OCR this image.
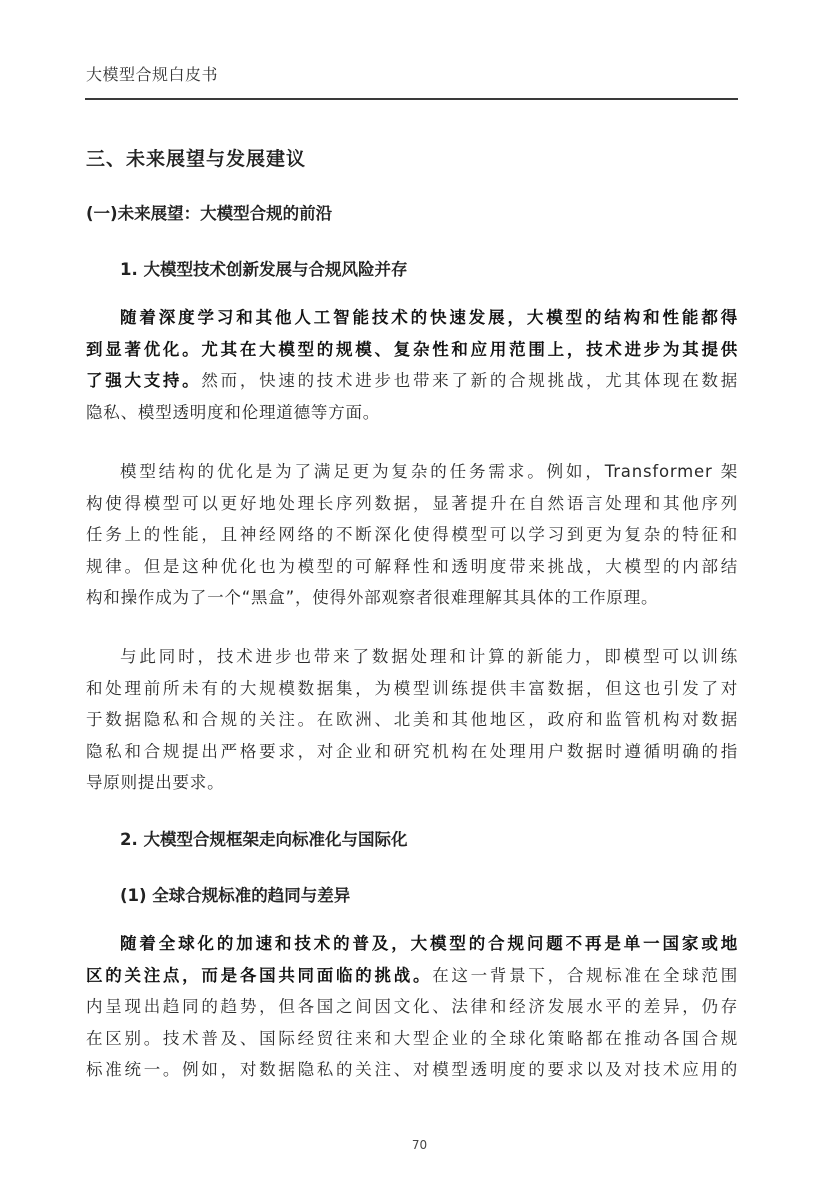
大模型合规白皮书
三、未来展望与发展建议
(一)未来展望：大模型合规的前沿
1. 大模型技术创新发展与合规风险并存
随着深度学习和其他人工智能技术的快速发展，大模型的结构和性能都得
到显著优化。尤其在大模型的规模、复杂性和应用范围上，技术进步为其提供
了强大支持。然而，快速的技术进步也带来了新的合规挑战，尤其体现在数据
隐私、模型透明度和伦理道德等方面。
模型结构的优化是为了满足更为复杂的任务需求。例如，Transformer 架
构使得模型可以更好地处理长序列数据，显著提升在自然语言处理和其他序列
任务上的性能，且神经网络的不断深化使得模型可以学习到更为复杂的特征和
规律。但是这种优化也为模型的可解释性和透明度带来挑战，大模型的内部结
构和操作成为了一个“黑盒”，使得外部观察者很难理解其具体的工作原理。
与此同时，技术进步也带来了数据处理和计算的新能力，即模型可以训练
和处理前所未有的大规模数据集，为模型训练提供丰富数据，但这也引发了对
于数据隐私和合规的关注。在欧洲、北美和其他地区，政府和监管机构对数据
隐私和合规提出严格要求，对企业和研究机构在处理用户数据时遵循明确的指
导原则提出要求。
2. 大模型合规框架走向标准化与国际化
(1) 全球合规标准的趋同与差异
随着全球化的加速和技术的普及，大模型的合规问题不再是单一国家或地
区的关注点，而是各国共同面临的挑战。在这一背景下，合规标准在全球范围
内呈现出趋同的趋势，但各国之间因文化、法律和经济发展水平的差异，仍存
在区别。技术普及、国际经贸往来和大型企业的全球化策略都在推动各国合规
标准统一。例如，对数据隐私的关注、对模型透明度的要求以及对技术应用的
70
